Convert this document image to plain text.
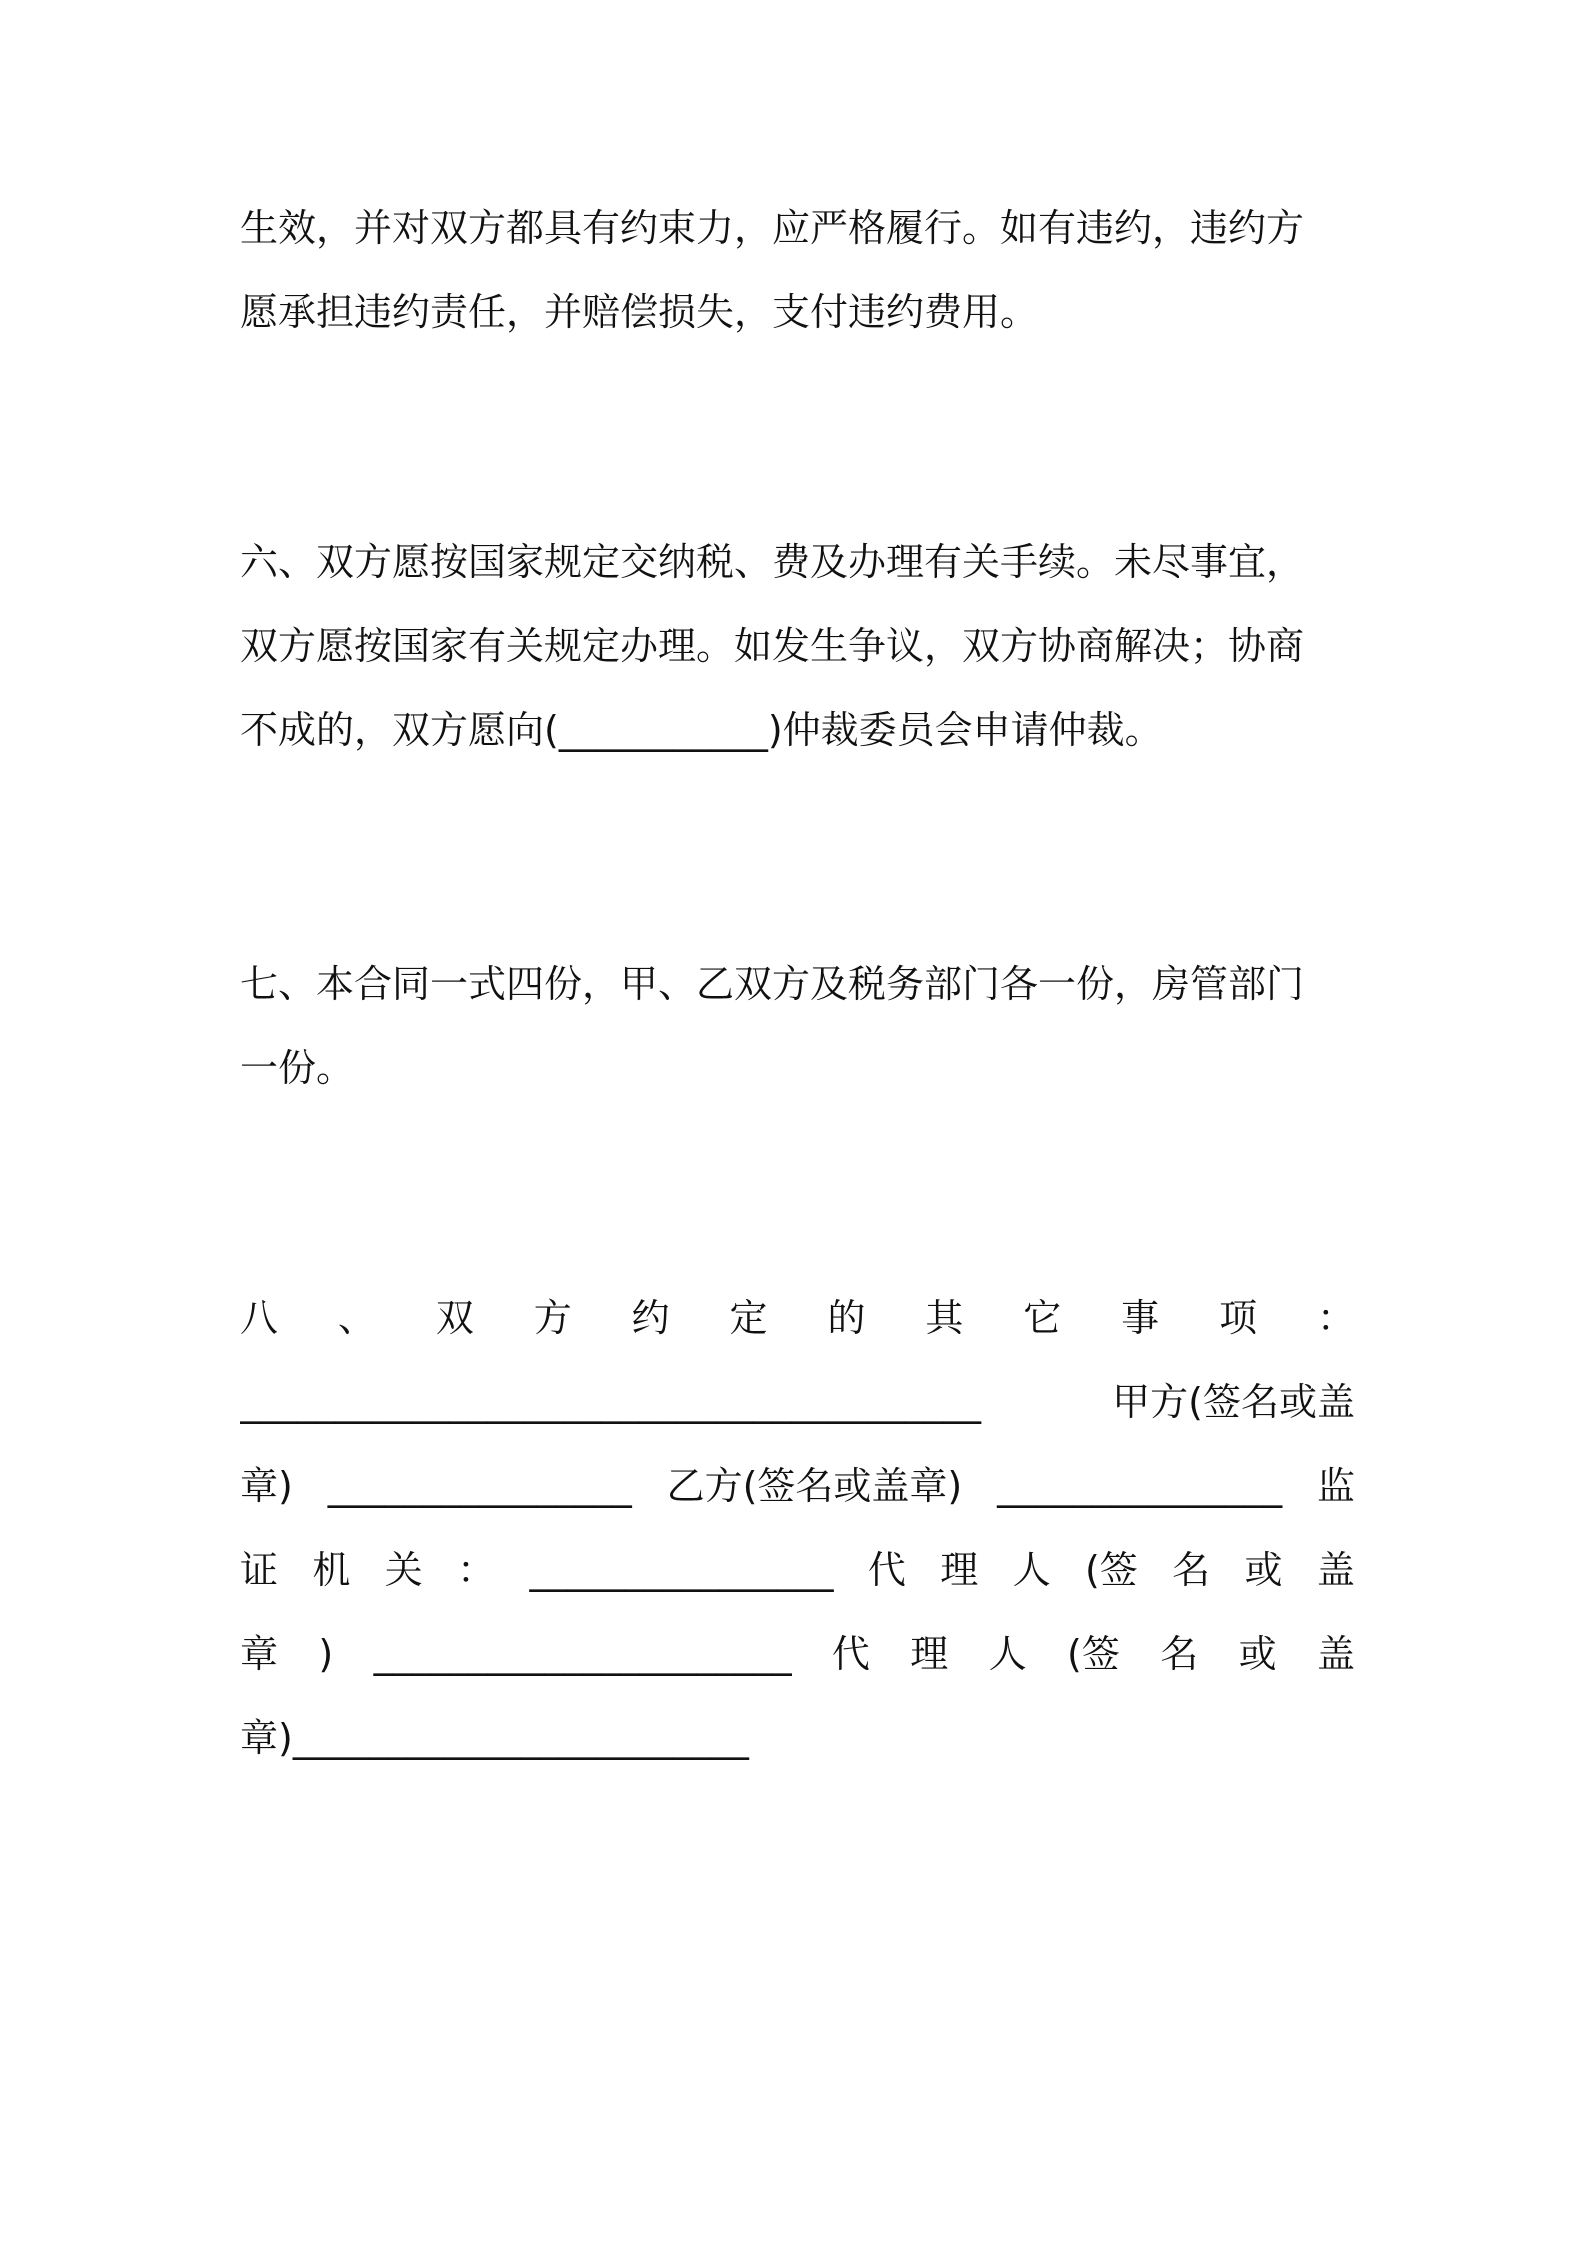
生效，并对双方都具有约束力，应严格履行。如有违约，违约方
愿承担违约责任，并赔偿损失，支付违约费用。
六、双方愿按国家规定交纳税、费及办理有关手续。未尽事宜，
双方愿按国家有关规定办理。如发生争议，双方协商解决；协商
不成的，双方愿向(___________)仲裁委员会申请仲裁。
七、本合同一式四份，甲、乙双方及税务部门各一份，房管部门
一份。
八 、 双 方 约 定 的 其 它 事 项 ：
_______________________________________	甲方(签名或盖
章) ________________ 乙方(签名或盖章) _______________ 监
证 机 关 ： ________________ 代 理 人 (签 名 或 盖
章 ) ______________________ 代 理 人 (签 名 或 盖
章)________________________
